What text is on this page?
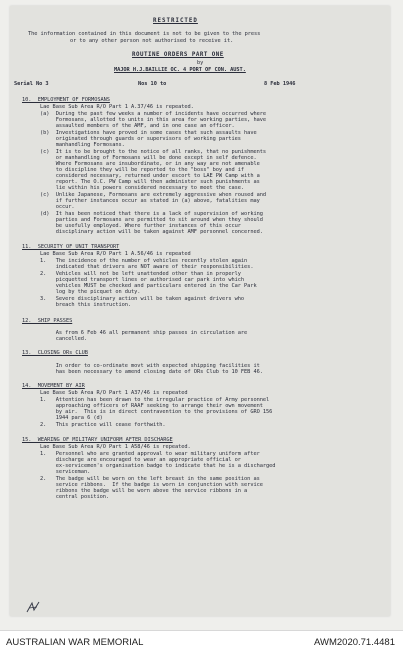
RESTRICTED
The information contained in this document is not to be given to the press
or to any other person not authorised to receive it.
ROUTINE ORDERS PART ONE
by
MAJOR H.J.BAILLIE OC. 4 PORT OF CON. AUST.
Serial No 3	Nos 10 to	8 Feb 1946
10.  EMPLOYMENT OF FORMOSANS
Lae Base Sub Area R/O Part 1 A.37/46 is repeated.
(a)  During the past few weeks a number of incidents have occurred where
Formosans, allotted to units in this area for working parties, have
assaulted members of the AMF, and in one case an officer.
(b)  Investigations have proved in some cases that such assaults have
originated through guards or supervisors of working parties
manhandling Formosans.
(c)  It is to be brought to the notice of all ranks, that no punishments
or manhandling of Formosans will be done except in self defence.
Where Formosans are insubordinate, or in any way are not amenable
to discipline they will be reported to the "boss" boy and if
considered necessary, returned under escort to LAE PW Camp with a
report. The O.C. PW Camp will then administer such punishments as
lie within his powers considered necessary to meet the case.
(c)  Unlike Japanese, Formosans are extremely aggressive when roused and
if further instances occur as stated in (a) above, fatalities may
occur.
(d)  It has been noticed that there is a lack of supervision of working
parties and Formosans are permitted to sit around when they should
be usefully employed. Where further instances of this occur
disciplinary action will be taken against AMF personnel concerned.
11.  SECURITY OF UNIT TRANSPORT
Lae Base Sub Area R/O Part 1 A.56/46 is repeated
1.   The incidence of the number of vehicles recently stolen again
indicated that drivers are NOT aware of their responsibilities.
2.   Vehicles will not be left unattended other than in properly
picquetted transport lines or authorised car park into which
vehicles MUST be checked and particulars entered in the Car Park
log by the picquet on duty.
3.   Severe disciplinary action will be taken against drivers who
breach this instruction.
12.  SHIP PASSES
As from 6 Feb 46 all permanent ship passes in circulation are
cancelled.
13.  CLOSING ORs CLUB
In order to co-ordinate movt with expected shipping facilities it
has been necessary to amend closing date of ORs Club to 10 FEB 46.
14.  MOVEMENT BY AIR
Lae Base Sub Area R/O Part 1 A37/46 is repeated
1.   Attention has been drawn to the irregular practice of Army personnel
approaching officers of RAAF seeking to arrange their own movement
by air.  This is in direct contravention to the provisions of GRO 156
1944 para 6 (d)
2.   This practice will cease forthwith.
15.  WEARING OF MILITARY UNIFORM AFTER DISCHARGE
Lae Base Sub Area R/O Part 1 A58/46 is repeated.
1.   Personnel who are granted approval to wear military uniform after
discharge are encouraged to wear an appropriate official or
ex-servicemen's organisation badge to indicate that he is a discharged
serviceman.
2.   The badge will be worn on the left breast in the same position as
service ribbons.  If the badge is worn in conjunction with service
ribbons the badge will be worn above the service ribbons in a
central position.
AUSTRALIAN WAR MEMORIAL	AWM2020.71.4481
